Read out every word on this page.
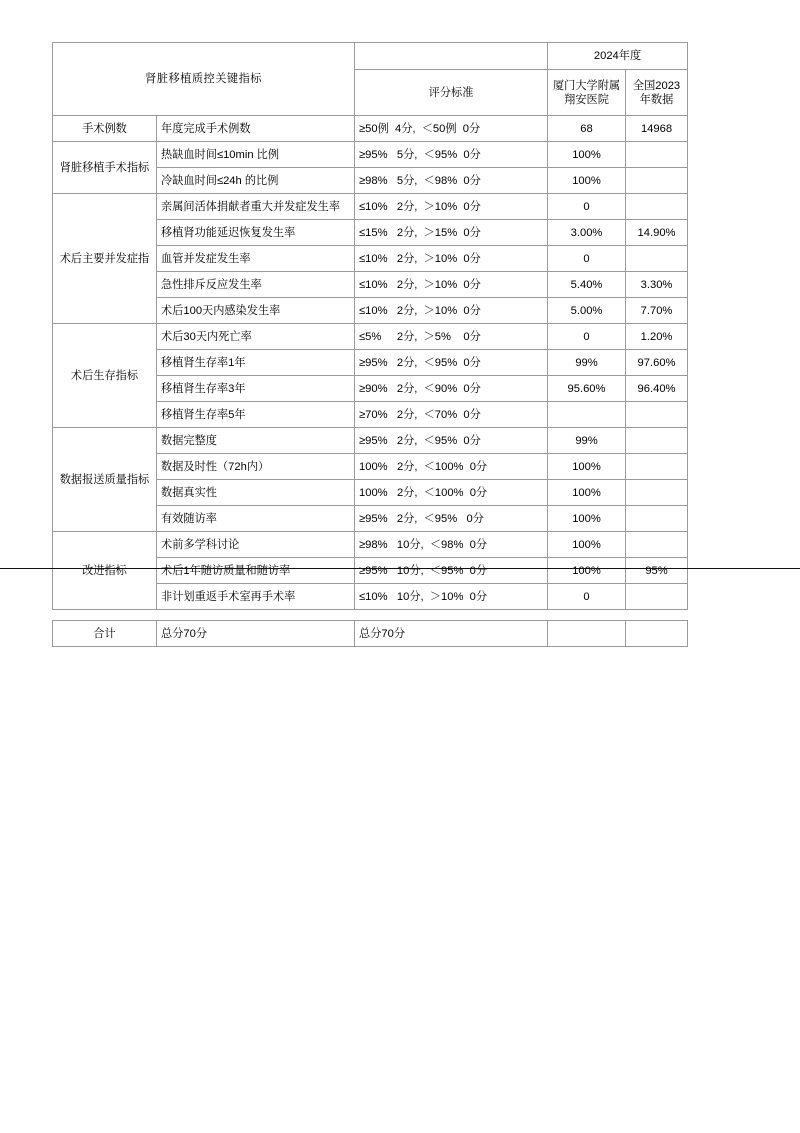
肾脏移植质控关键指标			2024年度	
		评分标准	厦门大学附属翔安医院	全国2023年数据
手术例数	年度完成手术例数	≥50例  4分,  ＜50例  0分	68	14968
肾脏移植手术指标	热缺血时间≤10min 比例	≥95%   5分,  ＜95%  0分	100%	
	冷缺血时间≤24h 的比例	≥98%   5分,  ＜98%  0分	100%	
术后主要并发症指	亲属间活体捐献者重大并发症发生率	≤10%   2分,  ＞10%  0分	0	
	移植肾功能延迟恢复发生率	≤15%   2分,  ＞15%  0分	3.00%	14.90%
	血管并发症发生率	≤10%   2分,  ＞10%  0分	0	
	急性排斥反应发生率	≤10%   2分,  ＞10%  0分	5.40%	3.30%
	术后100天内感染发生率	≤10%   2分,  ＞10%  0分	5.00%	7.70%
术后生存指标	术后30天内死亡率	≤5%     2分,  ＞5%    0分	0	1.20%
	移植肾生存率1年	≥95%   2分,  ＜95%  0分	99%	97.60%
	移植肾生存率3年	≥90%   2分,  ＜90%  0分	95.60%	96.40%
	移植肾生存率5年	≥70%   2分,  ＜70%  0分		
数据报送质量指标	数据完整度	≥95%   2分,  ＜95%  0分	99%	
	数据及时性（72h内）	100%   2分,  ＜100%  0分	100%	
	数据真实性	100%   2分,  ＜100%  0分	100%	
	有效随访率	≥95%   2分,  ＜95%   0分	100%	
改进指标	术前多学科讨论	≥98%   10分,  ＜98%  0分	100%	
	术后1年随访质量和随访率	≥95%   10分,  ＜95%  0分	100%	95%
	非计划重返手术室再手术率	≤10%   10分,  ＞10%  0分	0	
合计	总分70分	总分70分		
